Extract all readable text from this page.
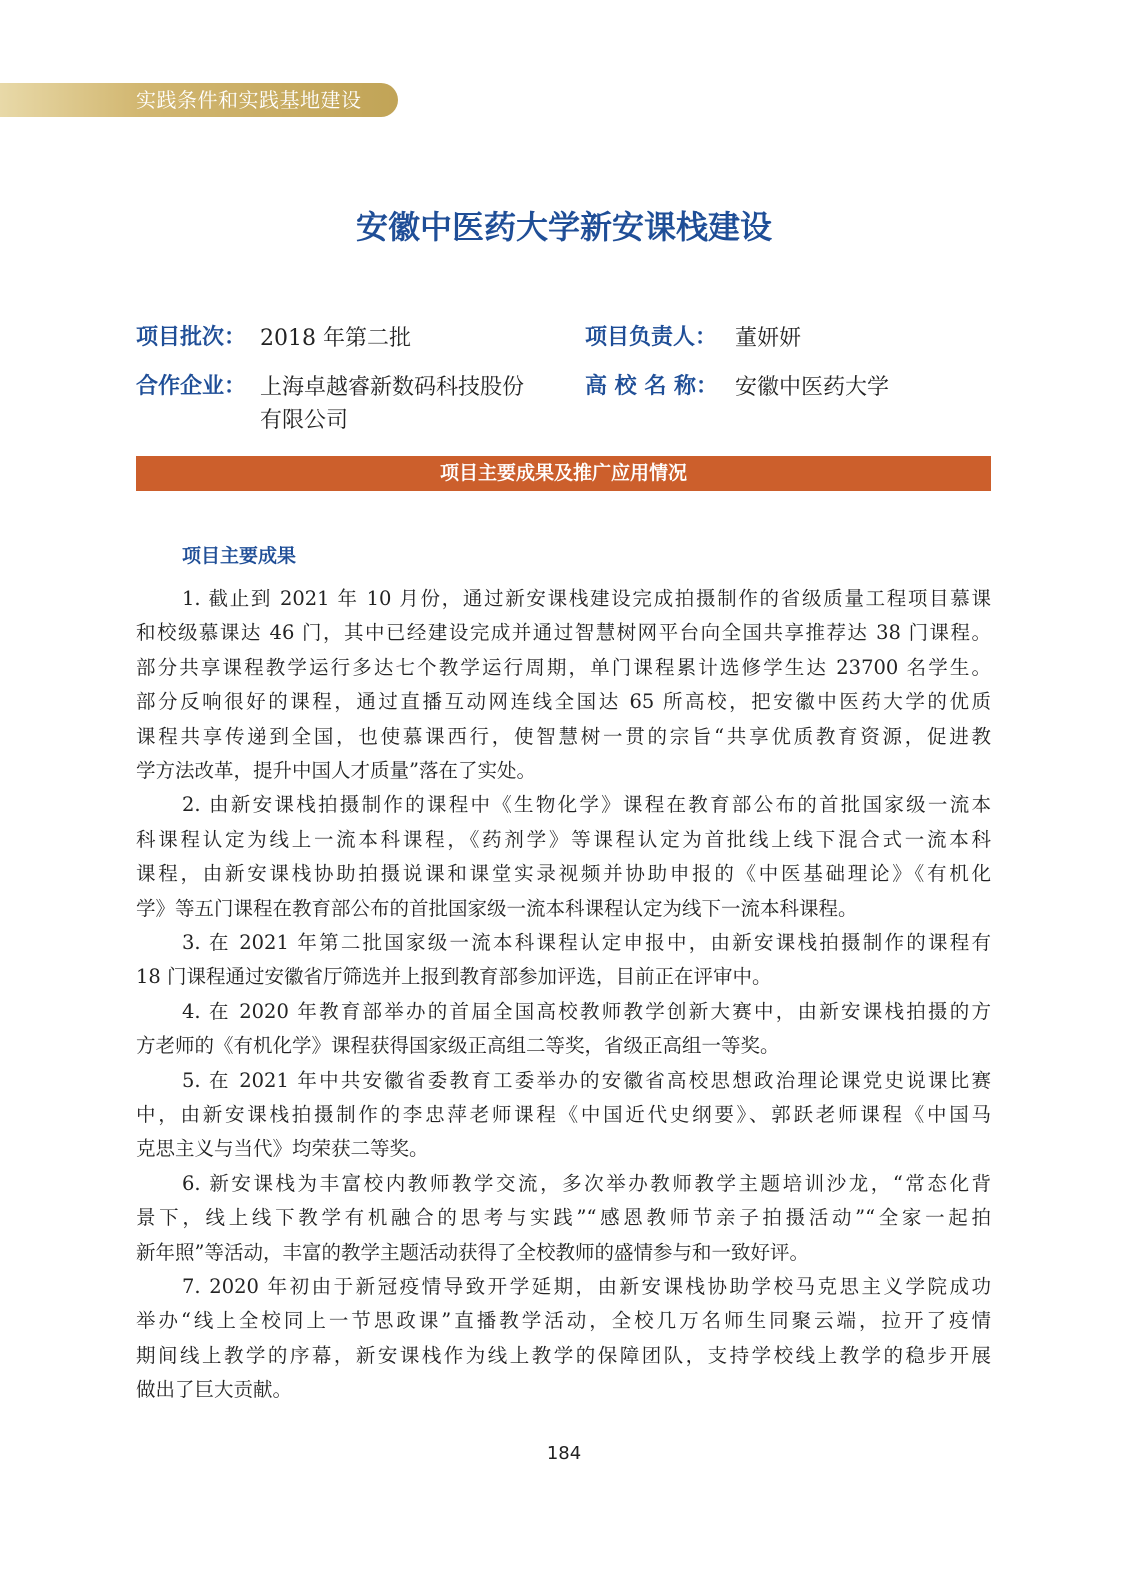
实践条件和实践基地建设
安徽中医药大学新安课栈建设
项目批次： 2018 年第二批	项目负责人： 董妍妍
合作企业： 上海卓越睿新数码科技股份
有限公司
高 校 名 称： 安徽中医药大学
项目主要成果及推广应用情况
项目主要成果
1. 截止到 2021 年 10 月份，通过新安课栈建设完成拍摄制作的省级质量工程项目慕课
和校级慕课达 46 门，其中已经建设完成并通过智慧树网平台向全国共享推荐达 38 门课程。
部分共享课程教学运行多达七个教学运行周期，单门课程累计选修学生达 23700 名学生。
部分反响很好的课程，通过直播互动网连线全国达 65 所高校，把安徽中医药大学的优质
课程共享传递到全国，也使慕课西行，使智慧树一贯的宗旨“共享优质教育资源，促进教
学方法改革，提升中国人才质量”落在了实处。
2. 由新安课栈拍摄制作的课程中《生物化学》课程在教育部公布的首批国家级一流本
科课程认定为线上一流本科课程，《药剂学》等课程认定为首批线上线下混合式一流本科
课程，由新安课栈协助拍摄说课和课堂实录视频并协助申报的《中医基础理论》《有机化
学》等五门课程在教育部公布的首批国家级一流本科课程认定为线下一流本科课程。
3. 在 2021 年第二批国家级一流本科课程认定申报中，由新安课栈拍摄制作的课程有
18 门课程通过安徽省厅筛选并上报到教育部参加评选，目前正在评审中。
4. 在 2020 年教育部举办的首届全国高校教师教学创新大赛中，由新安课栈拍摄的方
方老师的《有机化学》课程获得国家级正高组二等奖，省级正高组一等奖。
5. 在 2021 年中共安徽省委教育工委举办的安徽省高校思想政治理论课党史说课比赛
中，由新安课栈拍摄制作的李忠萍老师课程《中国近代史纲要》、郭跃老师课程《中国马
克思主义与当代》均荣获二等奖。
6. 新安课栈为丰富校内教师教学交流，多次举办教师教学主题培训沙龙，“常态化背
景下，线上线下教学有机融合的思考与实践”“感恩教师节亲子拍摄活动”“全家一起拍
新年照”等活动，丰富的教学主题活动获得了全校教师的盛情参与和一致好评。
7. 2020 年初由于新冠疫情导致开学延期，由新安课栈协助学校马克思主义学院成功
举办“线上全校同上一节思政课”直播教学活动，全校几万名师生同聚云端，拉开了疫情
期间线上教学的序幕，新安课栈作为线上教学的保障团队，支持学校线上教学的稳步开展
做出了巨大贡献。
184
